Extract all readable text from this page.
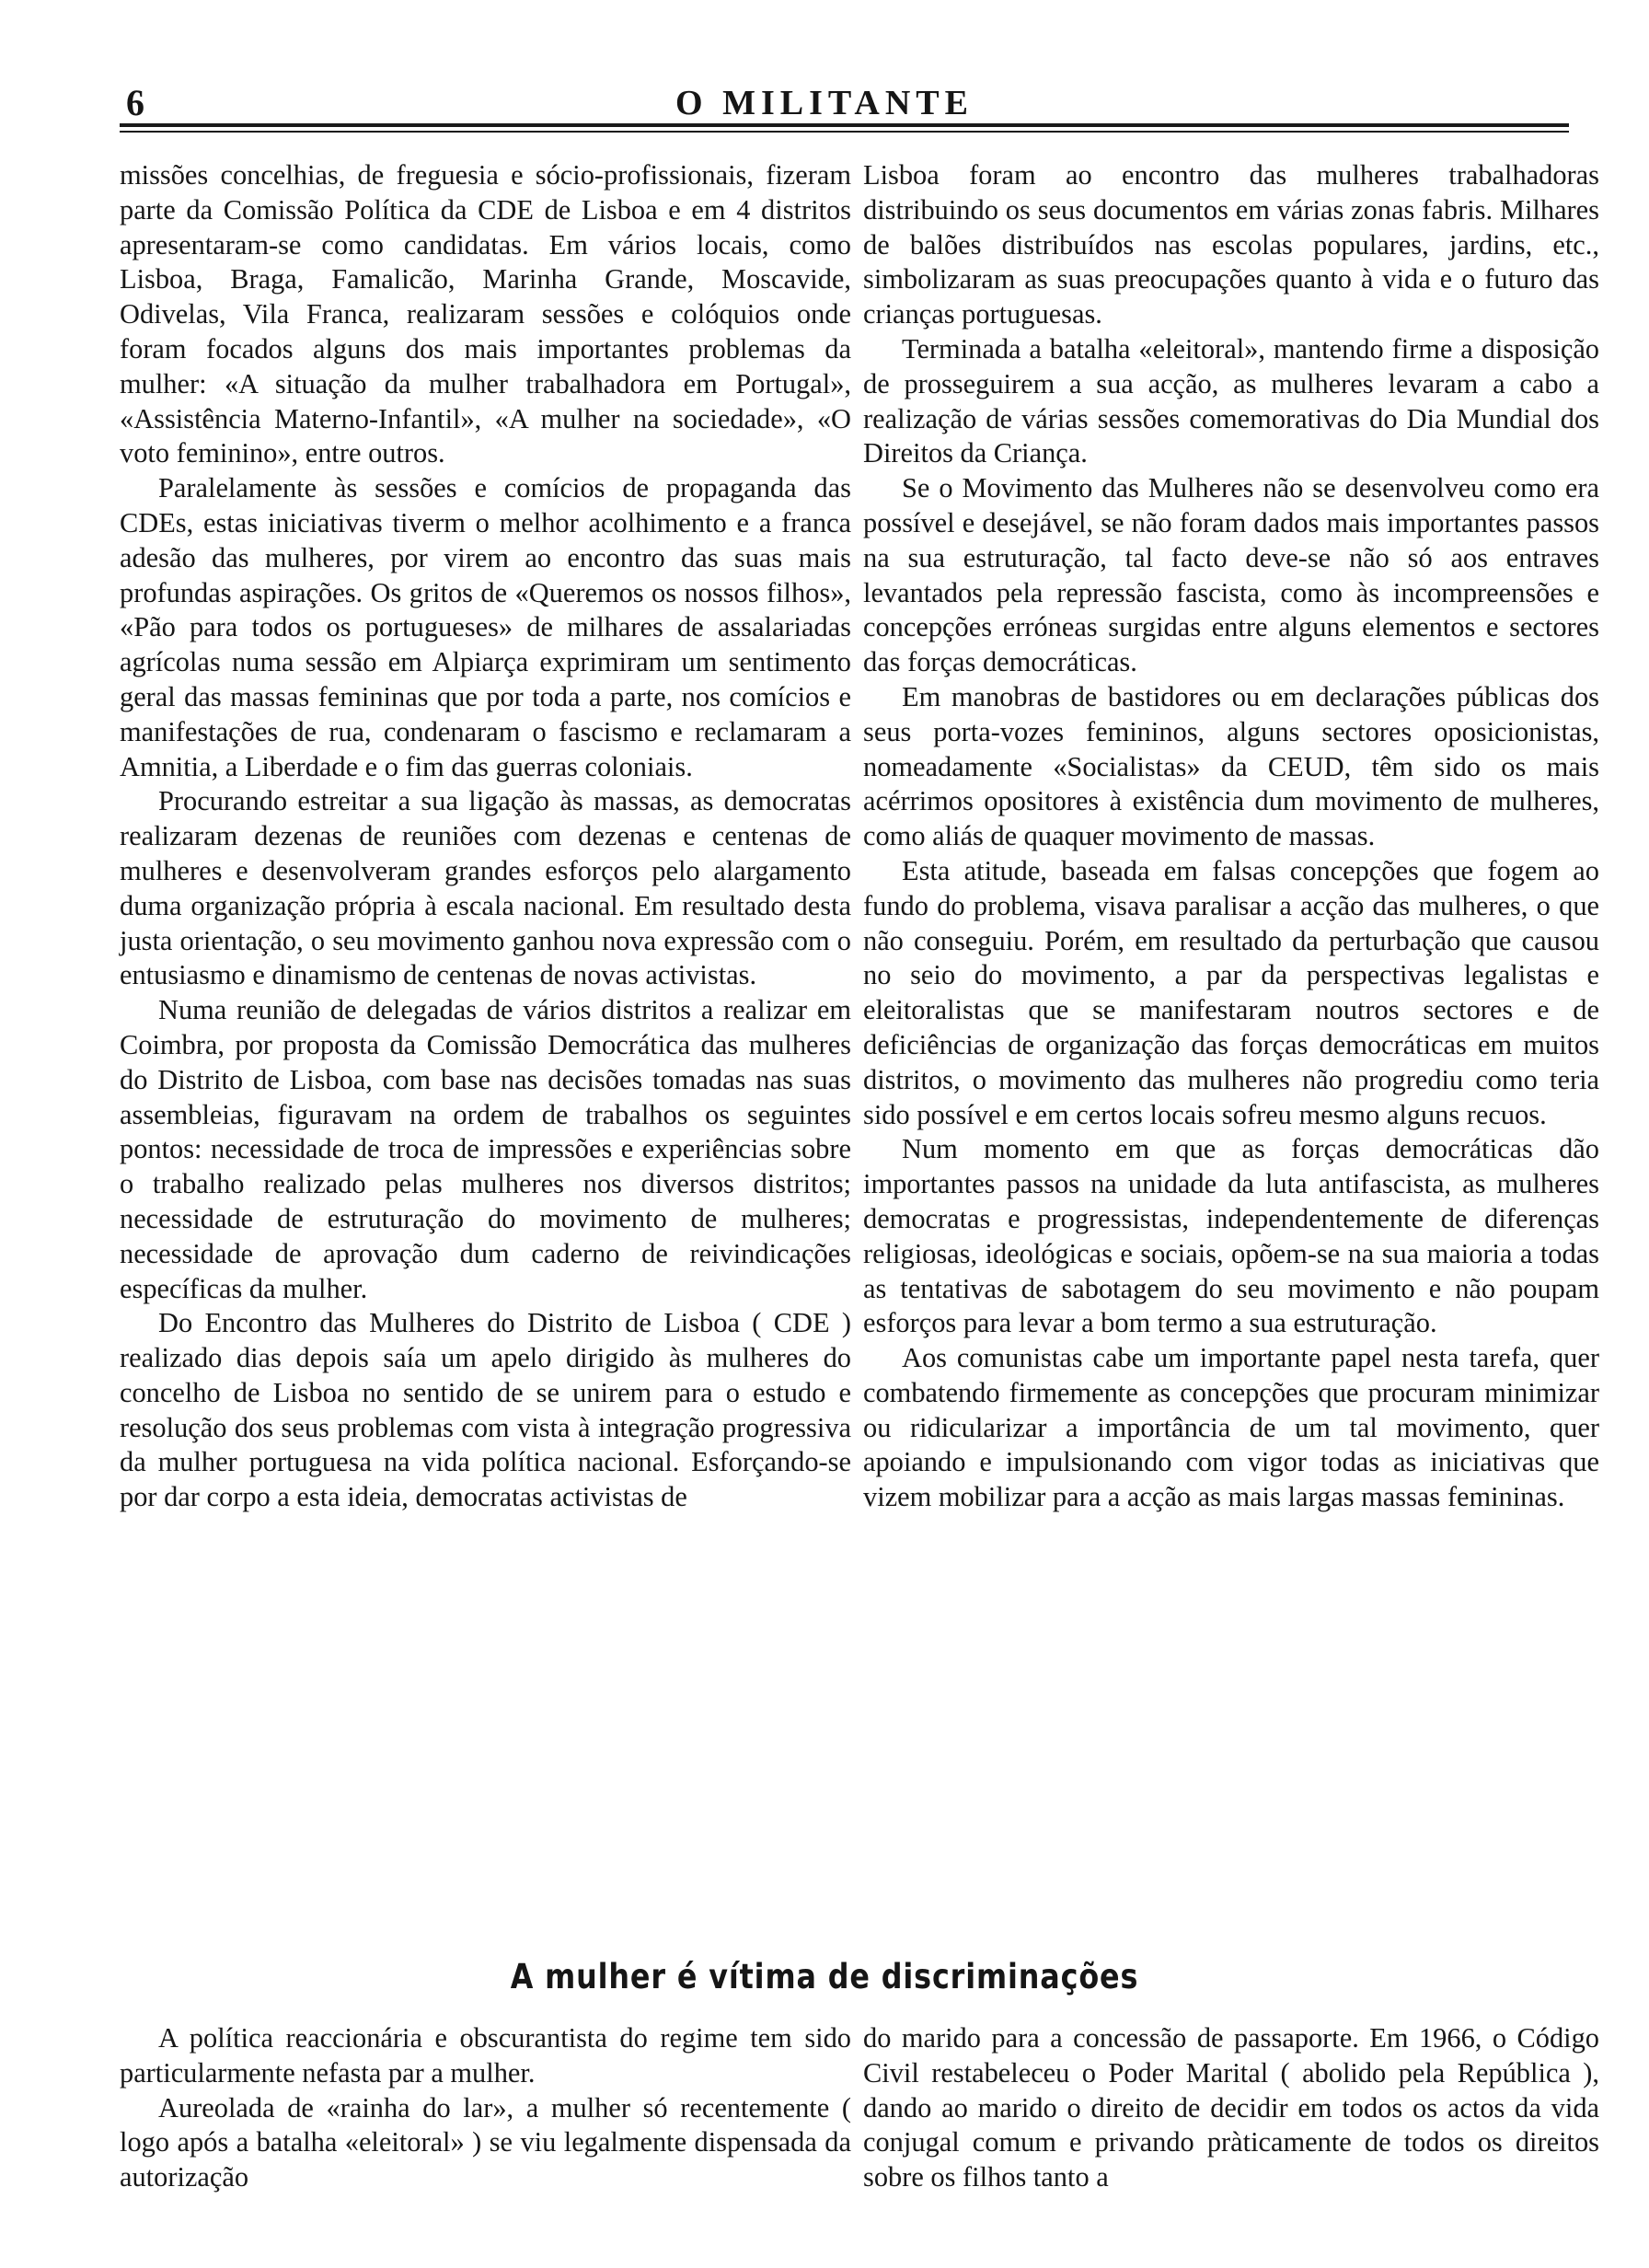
6	O MILITANTE

missões concelhias, de freguesia e sócio-profissionais, fizeram parte da Comissão Política da CDE de Lisboa e em 4 distritos apresentaram-se como candidatas. Em vários locais, como Lisboa, Braga, Famalicão, Marinha Grande, Moscavide, Odivelas, Vila Franca, realizaram sessões e colóquios onde foram focados alguns dos mais importantes problemas da mulher: «A situação da mulher trabalhadora em Portugal», «Assistência Materno-Infantil», «A mulher na sociedade», «O voto feminino», entre outros.

Paralelamente às sessões e comícios de propaganda das CDEs, estas iniciativas tiverm o melhor acolhimento e a franca adesão das mulheres, por virem ao encontro das suas mais profundas aspirações. Os gritos de «Queremos os nossos filhos», «Pão para todos os portugueses» de milhares de assalariadas agrícolas numa sessão em Alpiarça exprimiram um sentimento geral das massas femininas que por toda a parte, nos comícios e manifestações de rua, condenaram o fascismo e reclamaram a Amnitia, a Liberdade e o fim das guerras coloniais.

Procurando estreitar a sua ligação às massas, as democratas realizaram dezenas de reuniões com dezenas e centenas de mulheres e desenvolveram grandes esforços pelo alargamento duma organização própria à escala nacional. Em resultado desta justa orientação, o seu movimento ganhou nova expressão com o entusiasmo e dinamismo de centenas de novas activistas.

Numa reunião de delegadas de vários distritos a realizar em Coimbra, por proposta da Comissão Democrática das mulheres do Distrito de Lisboa, com base nas decisões tomadas nas suas assembleias, figuravam na ordem de trabalhos os seguintes pontos: necessidade de troca de impressões e experiências sobre o trabalho realizado pelas mulheres nos diversos distritos; necessidade de estruturação do movimento de mulheres; necessidade de aprovação dum caderno de reivindicações específicas da mulher.

Do Encontro das Mulheres do Distrito de Lisboa ( CDE ) realizado dias depois saía um apelo dirigido às mulheres do concelho de Lisboa no sentido de se unirem para o estudo e resolução dos seus problemas com vista à integração progressiva da mulher portuguesa na vida política nacional. Esforçando-se por dar corpo a esta ideia, democratas activistas de

Lisboa foram ao encontro das mulheres trabalhadoras distribuindo os seus documentos em várias zonas fabris. Milhares de balões distribuídos nas escolas populares, jardins, etc., simbolizaram as suas preocupações quanto à vida e o futuro das crianças portuguesas.

Terminada a batalha «eleitoral», mantendo firme a disposição de prosseguirem a sua acção, as mulheres levaram a cabo a realização de várias sessões comemorativas do Dia Mundial dos Direitos da Criança.

Se o Movimento das Mulheres não se desenvolveu como era possível e desejável, se não foram dados mais importantes passos na sua estruturação, tal facto deve-se não só aos entraves levantados pela repressão fascista, como às incompreensões e concepções erróneas surgidas entre alguns elementos e sectores das forças democráticas.

Em manobras de bastidores ou em declarações públicas dos seus porta-vozes femininos, alguns sectores oposicionistas, nomeadamente «Socialistas» da CEUD, têm sido os mais acérrimos opositores à existência dum movimento de mulheres, como aliás de quaquer movimento de massas.

Esta atitude, baseada em falsas concepções que fogem ao fundo do problema, visava paralisar a acção das mulheres, o que não conseguiu. Porém, em resultado da perturbação que causou no seio do movimento, a par da perspectivas legalistas e eleitoralistas que se manifestaram noutros sectores e de deficiências de organização das forças democráticas em muitos distritos, o movimento das mulheres não progrediu como teria sido possível e em certos locais sofreu mesmo alguns recuos.

Num momento em que as forças democráticas dão importantes passos na unidade da luta antifascista, as mulheres democratas e progressistas, independentemente de diferenças religiosas, ideológicas e sociais, opõem-se na sua maioria a todas as tentativas de sabotagem do seu movimento e não poupam esforços para levar a bom termo a sua estruturação.

Aos comunistas cabe um importante papel nesta tarefa, quer combatendo firmemente as concepções que procuram minimizar ou ridicularizar a importância de um tal movimento, quer apoiando e impulsionando com vigor todas as iniciativas que vizem mobilizar para a acção as mais largas massas femininas.

A mulher é vítima de discriminações

A política reaccionária e obscurantista do regime tem sido particularmente nefasta par a mulher.

Aureolada de «rainha do lar», a mulher só recentemente ( logo após a batalha «eleitoral» ) se viu legalmente dispensada da autorização

do marido para a concessão de passaporte. Em 1966, o Código Civil restabeleceu o Poder Marital ( abolido pela República ), dando ao marido o direito de decidir em todos os actos da vida conjugal comum e privando pràticamente de todos os direitos sobre os filhos tanto a
